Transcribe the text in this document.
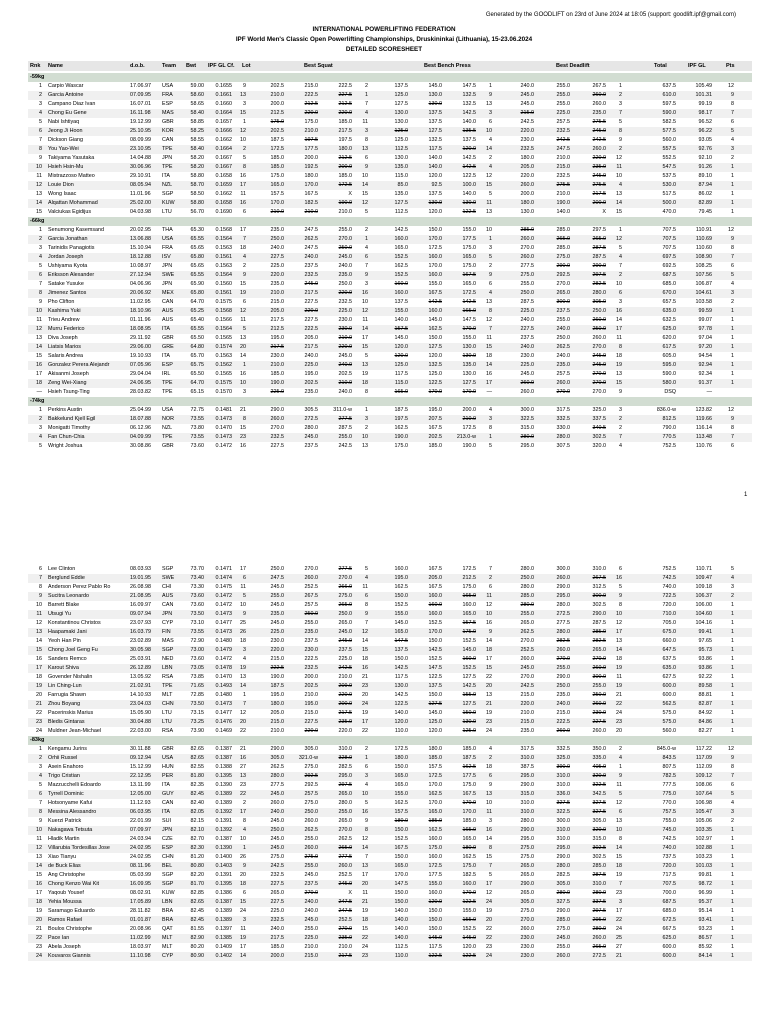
Generated by the GOODLIFT on 23rd of June 2024 at 18:05 (support: goodlift.ipf@gmail.com)
INTERNATIONAL POWERLIFTING FEDERATION
IPF World Men's Classic Open Powerlifting Championships, Druskininkai (Lithuania), 15-23.06.2024
DETAILED SCORESHEET
Rnk Name	d.o.b.	Team Bwt IPF GL Cf. Lot	Best Squat	Best Bench Press	Best Deadlift	Total	IPF GL	Pts
-59kg
1 Carpio Wascar	17.06.97	USA	59.00	0.1655	9	202.5	215.0	222.5	2	137.5	145.0	147.5	1	240.0	255.0	267.5	1	637.5	105.49	12
2 Garcia Antoine	07.09.95	FRA	58.60	0.1661	13	210.0	222.5	227.5	1	125.0	130.0	132.5	9	245.0	255.0	260.0	2	610.0	101.31	9
3 Campano Diaz Ivan	16.07.01	ESP	58.65	0.1660	3	200.0	212.5	212.5	7	127.5	130.0	132.5	13	245.0	255.0	260.0	3	597.5	99.19	8
4 Chong Eu Gene	16.11.98	MAS	58.40	0.1664	15	212.5	220.0	220.0	4	130.0	137.5	142.5	3	215.0	225.0	235.0	7	590.0	98.17	7
5 Nabi Ishtiyaq	19.12.99	GBR	58.85	0.1657	1	175.0	175.0	185.0	11	130.0	137.5	140.0	6	242.5	257.5	275.5	5	582.5	96.52	6
6 Jeong Ji Hoon	25.10.95	KOR	58.25	0.1666	12	202.5	210.0	217.5	3	125.0	127.5	135.5	10	220.0	232.5	245.0	8	577.5	96.22	5
7 Dickson Giang	08.09.99	CAN	58.55	0.1662	10	187.5	197.5	197.5	8	125.0	132.5	137.5	4	230.0	242.5	242.5	9	560.0	93.05	4
8 You Yao-Wei	23.10.95	TPE	58.40	0.1664	2	172.5	177.5	180.0	13	112.5	117.5	120.0	14	232.5	247.5	260.0	2	557.5	92.76	3
9 Takiyama Yasutaka	14.04.88	JPN	58.20	0.1667	5	185.0	200.0	212.5	6	130.0	140.0	142.5	2	180.0	210.0	220.0	12	552.5	92.10	2
10 Hsieh Hsin-Mu	30.06.96	TPE	58.20	0.1667	8	185.0	192.5	200.0	9	135.0	140.0	142.5	4	205.0	215.0	235.0	11	547.5	91.26	1
11 Mistrazzoso Matteo	29.10.91	ITA	58.80	0.1658	16	175.0	180.0	185.0	10	115.0	120.0	122.5	12	220.0	232.5	245.0	10	537.5	89.10	1
12 Louie Dion	08.05.94	NZL	58.70	0.1659	17	165.0	170.0	172.5	14	85.0	92.5	100.0	15	260.0	275.5	275.5	4	530.0	87.94	1
13 Wong Isaac	11.01.96	SGP	58.50	0.1662	11	157.5	167.5	X	15	135.0	137.5	140.0	5	200.0	210.0	217.5	13	517.5	86.02	1
14 Alqattan Mohammad	25.02.00	KUW	58.80	0.1658	16	170.0	182.5	190.0	12	127.5	130.0	130.0	11	180.0	190.0	200.0	14	500.0	82.89	1
15 Valciukas Egidijus	04.03.98	LTU	56.70	0.1690	6	210.0	210.0	210.0	5	112.5	120.0	122.5	13	130.0	140.0	X	15	470.0	79.45	1
-66kg
1 Senumong Kasemsand	20.02.95	THA	65.30	0.1568	17	235.0	247.5	255.0	2	142.5	150.0	155.0	10	285.0	285.0	297.5	1	707.5	110.91	12
2 Garcia Jonathan	13.06.88	USA	65.55	0.1564	7	250.0	262.5	270.0	1	160.0	170.0	177.5	1	260.0	265.0	265.0	12	707.5	110.69	9
3 Tarinidis Panagiotis	15.10.94	FRA	65.65	0.1563	18	240.0	247.5	250.0	4	165.0	172.5	175.0	3	270.0	285.0	287.5	5	707.5	110.60	8
4 Jordan Joseph	18.12.88	ISV	65.80	0.1561	4	227.5	240.0	245.0	6	152.5	160.0	165.0	5	260.0	275.0	287.5	4	697.5	108.90	7
5 Ushiyama Kyota	10.08.97	JPN	65.65	0.1563	2	225.0	237.5	240.0	7	162.5	170.0	175.0	2	277.5	290.0	290.0	7	692.5	108.25	6
6 Eriksson Alexander	27.12.94	SWE	65.55	0.1564	9	220.0	232.5	235.0	9	152.5	160.0	167.5	9	275.0	292.5	297.5	2	687.5	107.56	5
7 Satake Yusuke	04.06.96	JPN	65.90	0.1560	15	235.0	245.0	250.0	3	160.0	155.0	165.0	6	255.0	270.0	282.5	10	685.0	106.87	4
8 Jimenez Santos	20.06.92	MEX	65.80	0.1561	19	210.0	217.5	220.0	16	160.0	167.5	172.5	4	250.0	265.0	280.0	6	670.0	104.61	3
9 Pho Clifton	11.02.95	CAN	64.70	0.1575	6	215.0	227.5	232.5	10	137.5	142.5	142.5	13	287.5	300.0	305.0	3	657.5	103.58	2
10 Kashima Yuki	18.10.96	AUS	65.25	0.1568	12	205.0	220.0	225.0	12	155.0	160.0	165.0	8	225.0	237.5	250.0	16	635.0	99.59	1
11 Trieu Andrew	01.11.96	AUS	65.40	0.1566	11	217.5	227.5	230.0	11	140.0	145.0	147.5	12	240.0	255.0	260.0	14	632.5	99.07	1
12 Murru Federico	18.08.95	ITA	65.55	0.1564	5	212.5	222.5	230.0	14	157.5	162.5	170.0	7	227.5	240.0	250.0	17	625.0	97.78	1
13 Diva Joseph	29.11.92	GBR	65.50	0.1565	13	195.0	205.0	210.0	17	145.0	150.0	155.0	11	237.5	250.0	260.0	11	620.0	97.04	1
14 Liatsis Marios	29.06.00	GRE	64.80	0.1574	20	217.5	217.5	220.0	15	120.0	127.5	130.0	15	240.0	262.5	270.0	8	617.5	97.20	1
15 Salaris Andrea	19.10.93	ITA	65.70	0.1563	14	230.0	240.0	245.0	5	120.0	120.0	130.0	18	230.0	240.0	245.0	18	605.0	94.54	1
16 Gonzalez Perera Alejandr	07.05.96	ESP	65.75	0.1562	1	210.0	225.0	240.0	13	125.0	132.5	135.0	14	225.0	235.0	245.0	19	595.0	92.94	1
17 Akisanmi Joseph	29.04.04	IRL	65.50	0.1565	16	185.0	195.0	202.5	19	117.5	125.0	130.0	16	245.0	257.5	270.0	13	590.0	92.34	1
18 Zeng Wei-Xiang	24.06.95	TPE	64.70	0.1575	10	190.0	202.5	210.0	18	115.0	122.5	127.5	17	260.0	260.0	270.0	15	580.0	91.37	1
— Hsieh Tsung-Ting	28.03.82	TPE	65.15	0.1570	3	225.0	235.0	240.0	8	165.0	170.0	170.0	—	260.0	270.0	270.0	9	DSQ	—
-74kg
1 Perkins Austin	25.04.99	USA	72.75	0.1481	21	290.0	305.5	311.0-w	1	187.5	195.0	200.0	4	300.0	317.5	325.0	3	836.0-w	123.82	12
2 Bakkelund Kjell Egil	18.07.88	NOR	73.55	0.1473	8	260.0	272.5	277.5	3	197.5	207.5	210.0	3	322.5	332.5	337.5	2	812.5	119.66	9
3 Monigatti Timothy	06.12.96	NZL	73.80	0.1470	15	270.0	280.0	287.5	2	162.5	167.5	172.5	8	315.0	330.0	340.5	2	790.0	116.14	8
4 Fan Chun-Chia	04.09.99	TPE	73.55	0.1473	23	232.5	245.0	255.0	10	190.0	202.5	213.0-w	1	280.0	280.0	302.5	7	770.5	113.48	7
5 Wright Joshua	30.08.86	GBR	73.60	0.1472	16	227.5	237.5	242.5	13	175.0	185.0	190.0	5	295.0	307.5	320.0	4	752.5	110.76	6
1
6 Lee Clinton	08.03.93	SGP	73.70	0.1471	17	250.0	270.0	277.5	5	160.0	167.5	172.5	7	280.0	300.0	310.0	6	752.5	110.71	5
7 Berglund Eddie	19.01.95	SWE	73.40	0.1474	6	247.5	260.0	270.0	4	195.0	205.0	212.5	2	250.0	260.0	267.5	16	742.5	109.47	4
8 Anderson Perez Pablo Ro	26.08.98	CHI	73.30	0.1475	11	245.0	252.5	266.0	11	162.5	167.5	175.0	6	280.0	290.0	312.5	5	740.0	109.18	3
9 Sucitra Leonardo	21.08.95	AUS	73.60	0.1472	5	255.0	267.5	275.0	6	150.0	160.0	165.0	11	285.0	295.0	300.0	9	722.5	106.37	2
10 Barrett Blake	16.09.97	CAN	73.60	0.1472	10	245.0	257.5	265.0	8	152.5	160.0	160.0	12	280.0	280.0	302.5	8	720.0	106.00	1
11 Utsugi Yu	09.07.94	JPN	73.50	0.1473	9	235.0	250.0	250.0	9	155.0	160.0	165.0	10	255.0	272.5	290.0	10	710.0	104.60	1
12 Konstantinou Christos	23.07.93	CYP	73.10	0.1477	25	245.0	255.0	265.0	7	145.0	152.5	157.5	16	265.0	277.5	287.5	12	705.0	104.16	1
13 Haapamaki Jani	16.03.79	FIN	73.55	0.1473	26	225.0	235.0	245.0	12	165.0	170.0	175.0	9	262.5	280.0	285.0	17	675.0	99.41	1
14 Yeoh Han Pin	23.02.89	MAS	72.90	0.1480	18	230.0	237.5	245.0	14	147.5	150.0	152.5	14	270.0	282.5	282.5	13	660.0	97.65	1
15 Chong Joel Geng Fu	30.05.98	SGP	73.00	0.1479	3	220.0	230.0	237.5	15	137.5	142.5	145.0	18	252.5	260.0	265.0	14	647.5	95.73	1
16 Sanders Remco	25.03.91	NED	73.60	0.1472	4	215.0	222.5	225.0	18	150.0	152.5	160.0	17	260.0	270.0	270.0	18	637.5	93.86	1
17 Karout Shiva	26.12.89	LBN	73.05	0.1478	19	222.5	232.5	242.5	16	142.5	147.5	152.5	15	245.0	255.0	260.0	19	635.0	93.86	1
18 Govender Nishalin	13.05.92	RSA	73.85	0.1470	13	190.0	200.0	210.0	21	117.5	122.5	127.5	22	270.0	290.0	300.0	11	627.5	92.22	1
19 Lin Ching-Lun	21.02.91	TPE	71.65	0.1493	14	187.5	202.5	209.0	23	130.0	137.5	142.5	20	242.5	250.0	255.0	19	600.0	89.58	1
20 Farrugia Shawn	14.10.93	MLT	72.85	0.1480	1	195.0	210.0	220.0	20	142.5	150.0	155.0	13	215.0	235.0	250.0	21	600.0	88.81	1
21 Zhou Boyang	23.04.03	CHN	73.50	0.1473	7	180.0	195.0	200.0	24	122.5	127.5	127.5	21	220.0	240.0	260.0	22	562.5	82.87	1
22 Pacerinskis Marius	15.05.90	LTU	73.15	0.1477	12	205.0	215.0	217.5	19	140.0	145.0	150.0	19	210.0	215.0	230.0	24	575.0	84.92	1
23 Bledis Gintaras	30.04.88	LTU	73.25	0.1476	20	215.0	227.5	235.0	17	120.0	125.0	130.0	23	215.0	222.5	227.5	23	575.0	84.86	1
24 Muldner Jean-Michael	22.03.00	RSA	73.90	0.1469	22	210.0	220.0	220.0	22	110.0	120.0	125.0	24	235.0	260.0	260.0	20	560.0	82.27	1
-83kg
1 Kengamu Jurins	30.11.88	GBR	82.65	0.1387	21	290.0	305.0	310.0	2	172.5	180.0	185.0	4	317.5	332.5	350.0	2	845.0-w	117.22	12
2 Orhii Russel	09.12.94	USA	82.65	0.1387	16	305.0	321.0-w	328.0	1	180.0	185.0	187.5	2	310.0	325.0	335.0	4	843.5	117.09	9
3 Asein Enahoro	15.12.99	HUN	82.55	0.1388	27	262.5	275.0	282.5	6	150.0	157.5	162.5	18	387.5	390.0	405.0	1	807.5	112.09	8
4 Trigo Cristian	22.12.95	PER	81.80	0.1395	13	280.0	292.5	295.0	3	165.0	172.5	177.5	6	295.0	310.0	320.0	9	782.5	109.12	7
5 Mazzucchelli Edoardo	13.11.99	ITA	82.35	0.1390	23	277.5	292.5	297.5	4	165.0	170.0	175.0	9	290.0	310.0	322.5	11	777.5	108.06	6
6 Tyrrell Dominic	12.05.00	GUY	82.45	0.1389	22	245.0	257.5	265.0	10	155.0	162.5	167.5	13	315.0	336.0	342.5	5	775.0	107.64	5
7 Hotsonyame Kafui	11.12.93	CAN	82.40	0.1389	2	260.0	275.0	280.0	5	162.5	170.0	170.0	10	310.0	327.5	327.5	12	770.0	106.98	4
8 Messina Alessandro	06.03.95	ITA	82.05	0.1392	17	240.0	250.0	255.0	16	157.5	165.0	170.0	11	310.0	322.5	327.5	6	757.5	105.47	3
9 Kuerzi Patrick	22.01.99	SUI	82.15	0.1391	8	245.0	260.0	265.0	9	180.0	185.0	185.0	3	280.0	300.0	305.0	13	755.0	105.06	2
10 Nakagawa Tetsuta	07.09.97	JPN	82.10	0.1392	4	250.0	262.5	270.0	8	150.0	162.5	165.0	16	290.0	310.0	320.0	10	745.0	103.35	1
11 Hladik Martin	24.03.94	CZE	82.70	0.1387	10	245.0	255.0	262.5	12	152.5	160.0	165.0	14	295.0	310.0	315.0	8	742.5	102.97	1
12 Villarubia Tordesillas Jose	24.02.95	ESP	82.30	0.1390	1	245.0	260.0	265.0	14	167.5	175.0	180.0	8	275.0	295.0	302.5	14	740.0	102.88	1
13 Xiao Tianyu	24.02.95	CHN	81.20	0.1400	26	275.0	275.0	277.5	7	150.0	160.0	162.5	15	275.0	290.0	302.5	15	737.5	103.23	1
14 de Buck Elias	08.11.96	BEL	80.80	0.1403	9	242.5	255.0	260.0	13	165.0	172.5	175.0	7	265.0	280.0	285.0	18	720.0	101.03	1
15 Ang Christophe	05.03.99	SGP	82.20	0.1391	20	232.5	245.0	252.5	17	170.0	177.5	182.5	5	265.0	282.5	287.5	19	717.5	99.81	1
16 Chong Kenzo Wai Kit	16.09.95	SGP	81.70	0.1395	18	227.5	237.5	245.0	20	147.5	155.0	160.0	17	290.0	305.0	310.0	7	707.5	98.72	1
17 Yaqoub Yousef	08.02.91	KUW	82.85	0.1386	6	265.0	270.0	X	11	150.0	160.0	170.0	12	265.0	280.0	280.0	23	700.0	96.99	1
18 Yehia Moussa	17.05.89	LBN	82.65	0.1387	15	227.5	240.0	247.5	21	150.0	120.0	122.5	24	305.0	327.5	337.5	3	687.5	95.37	1
19 Saramago Eduardo	28.11.82	BRA	82.45	0.1389	24	225.0	240.0	247.5	19	140.0	150.0	155.0	19	275.0	290.0	297.5	17	685.0	95.14	1
20 Ramos Rafael	01.01.87	BRA	82.45	0.1389	3	232.5	245.0	252.5	18	140.0	150.0	155.0	20	270.0	285.0	295.0	22	672.5	93.41	1
21 Boulos Christophe	20.08.96	QAT	81.55	0.1397	11	240.0	255.0	270.0	15	140.0	150.0	152.5	22	260.0	275.0	280.0	24	667.5	93.23	1
22 Pace Ian	11.02.99	MLT	82.90	0.1385	19	217.5	225.0	235.0	22	140.0	145.0	145.0	22	230.0	245.0	260.0	25	625.0	86.57	1
23 Abela Joseph	18.03.97	MLT	80.20	0.1409	17	185.0	210.0	210.0	24	112.5	117.5	120.0	23	230.0	255.0	265.0	27	600.0	85.92	1
24 Kouvaros Giannis	11.10.98	CYP	80.90	0.1402	14	200.0	215.0	217.5	23	110.0	122.5	122.5	24	230.0	260.0	272.5	21	600.0	84.14	1
